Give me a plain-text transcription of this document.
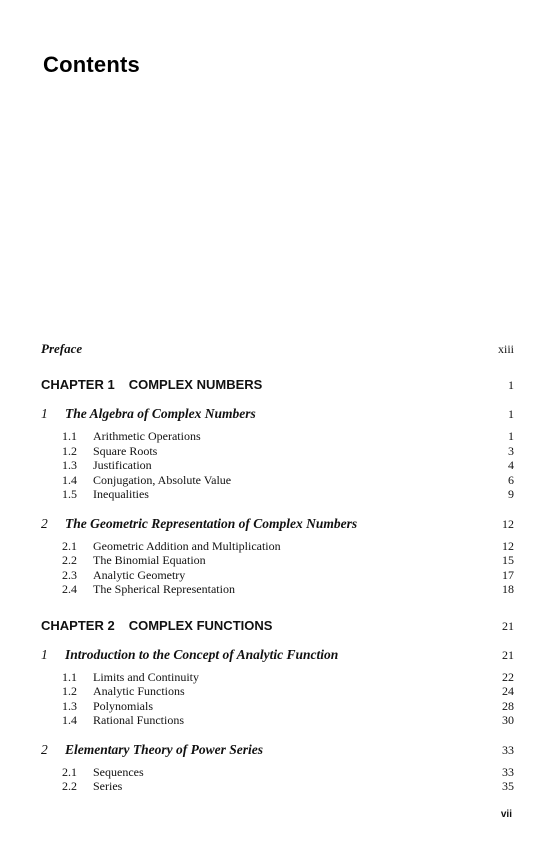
Contents
Preface	xiii
CHAPTER 1 COMPLEX NUMBERS	1
1 The Algebra of Complex Numbers	1
1.1 Arithmetic Operations	1
1.2 Square Roots	3
1.3 Justification	4
1.4 Conjugation, Absolute Value	6
1.5 Inequalities	9
2 The Geometric Representation of Complex Numbers	12
2.1 Geometric Addition and Multiplication	12
2.2 The Binomial Equation	15
2.3 Analytic Geometry	17
2.4 The Spherical Representation	18
CHAPTER 2 COMPLEX FUNCTIONS	21
1 Introduction to the Concept of Analytic Function	21
1.1 Limits and Continuity	22
1.2 Analytic Functions	24
1.3 Polynomials	28
1.4 Rational Functions	30
2 Elementary Theory of Power Series	33
2.1 Sequences	33
2.2 Series	35
vii
